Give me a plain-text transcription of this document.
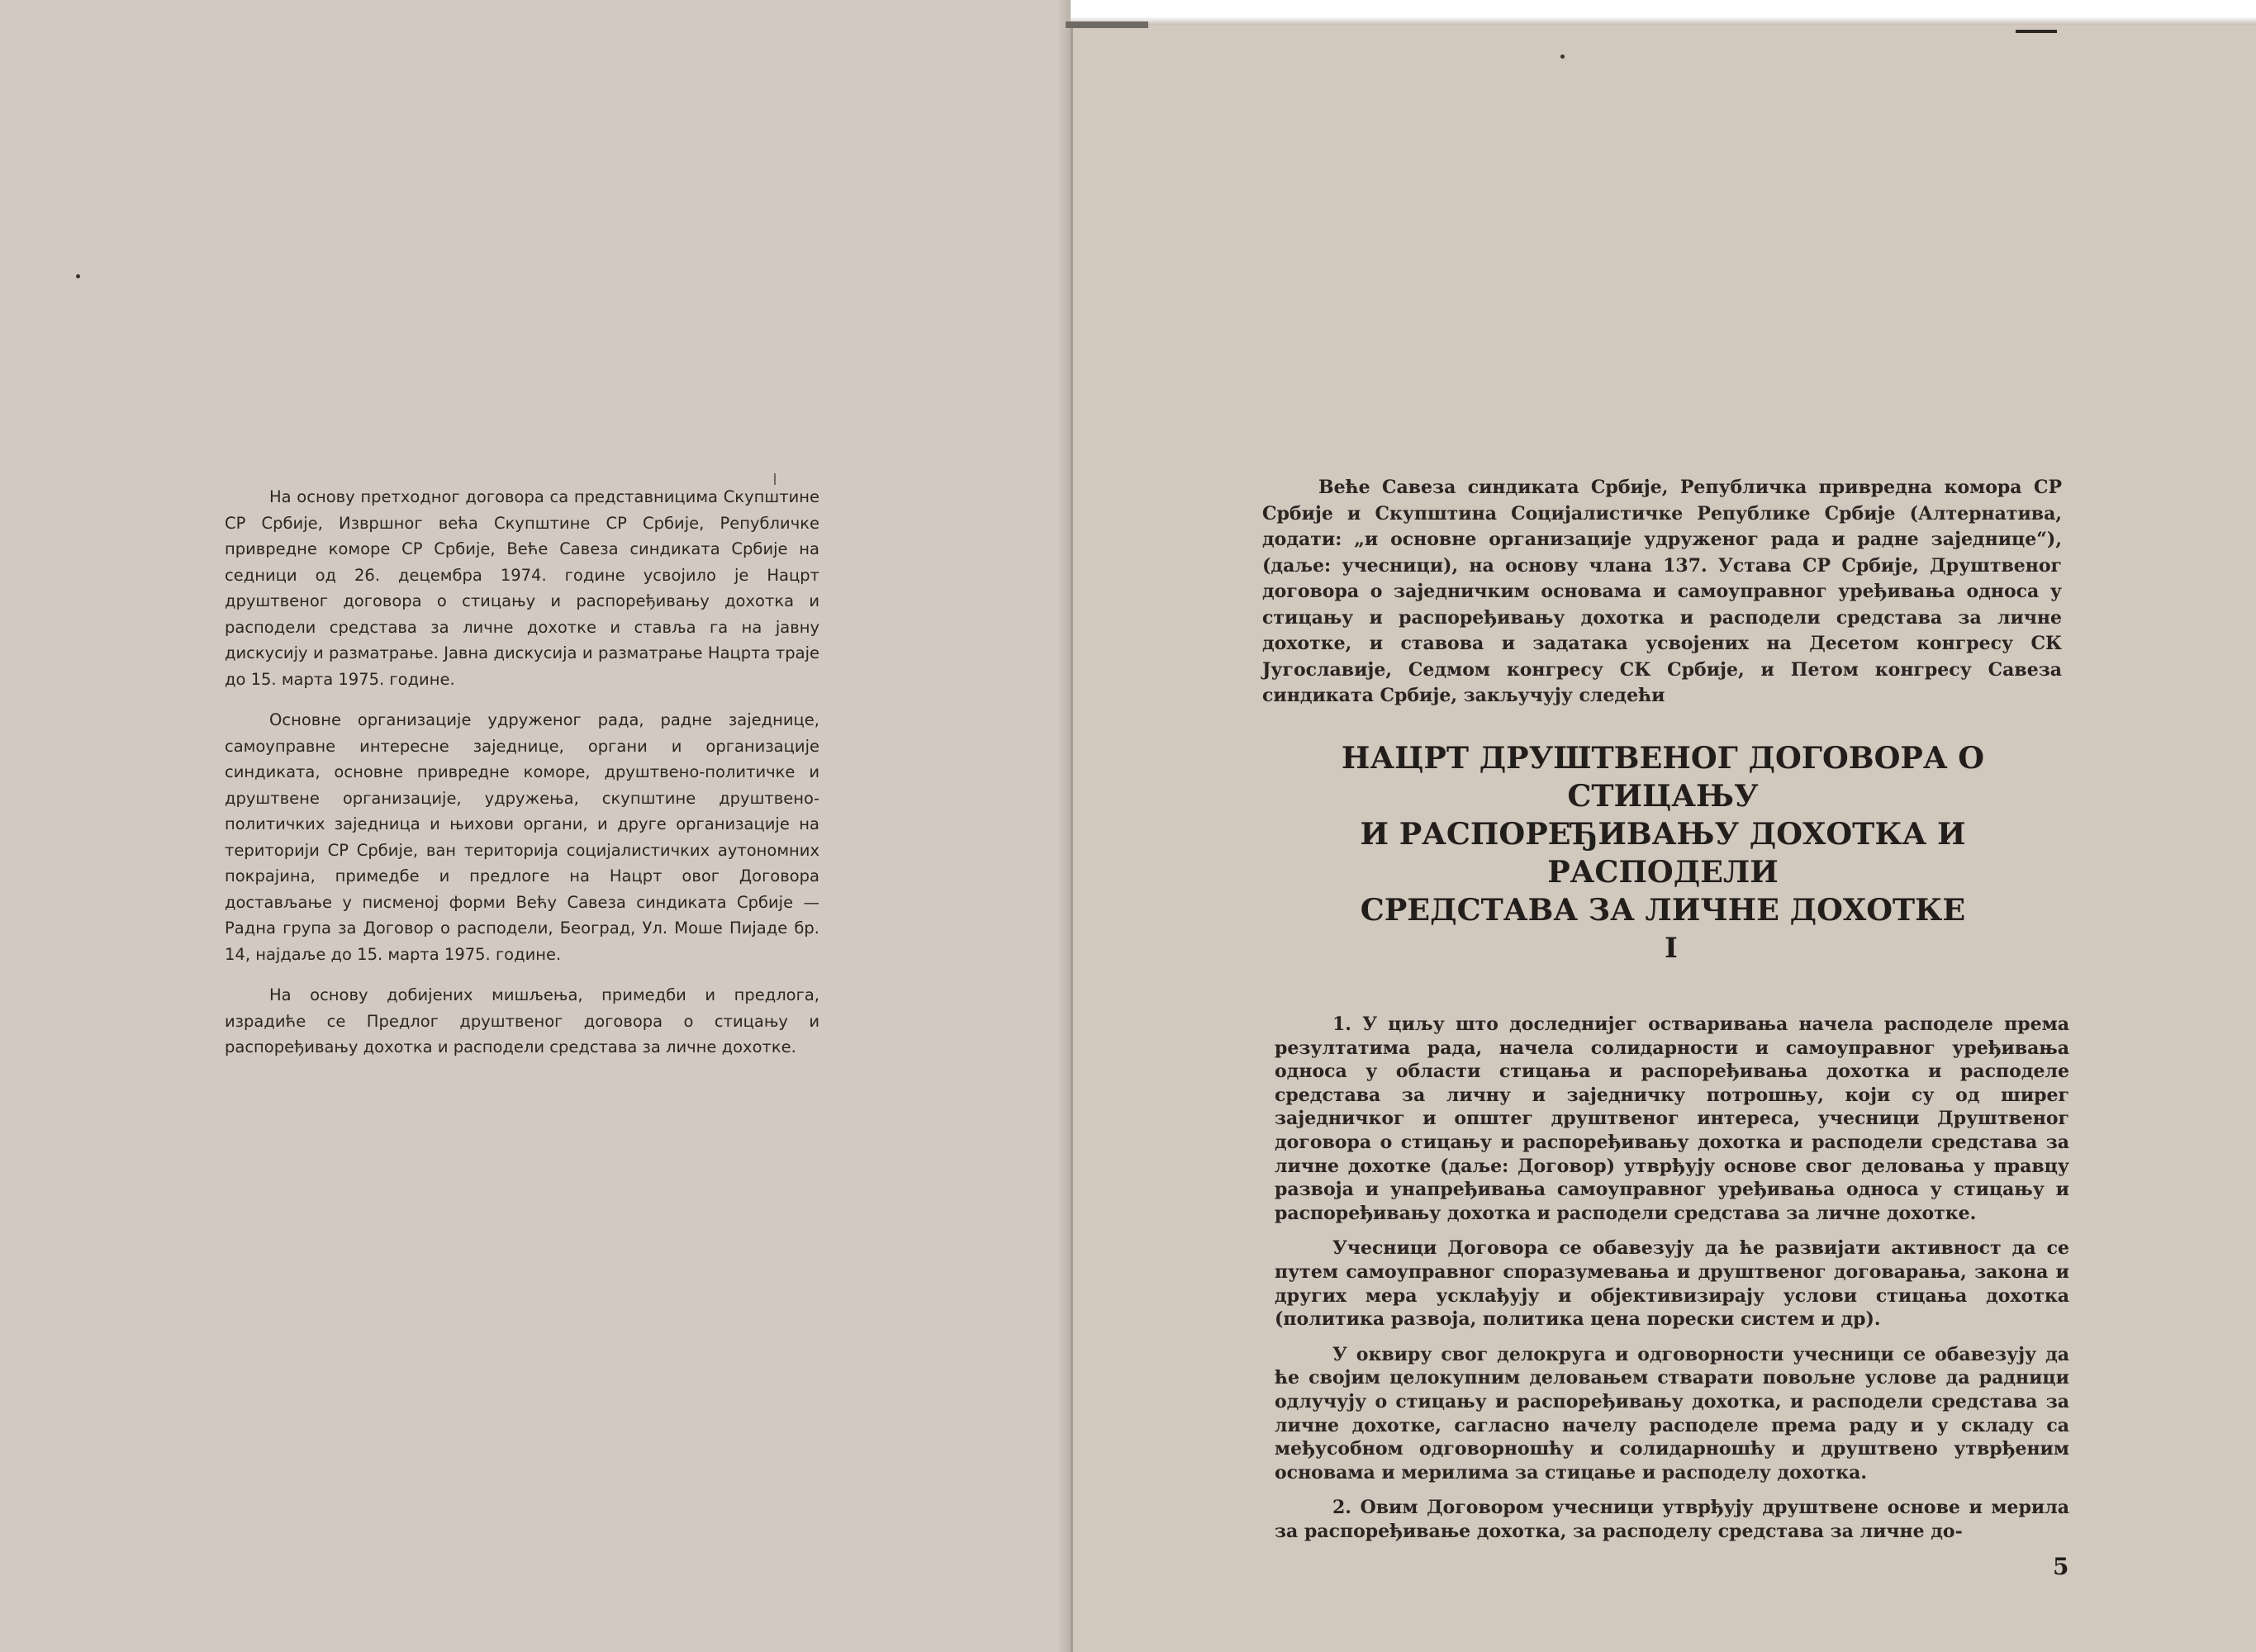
На основу претходног договора са представницима Скупштине СР Србије, Извршног већа Скупштине СР Србије, Републичке привредне коморе СР Србије, Веће Савеза синдиката Србије на седници од 26. децембра 1974. године усвојило је Нацрт друштвеног договора о стицању и распоређивању дохотка и расподели средстава за личне дохотке и ставља га на јавну дискусију и разматрање. Јавна дискусија и разматрање Нацрта траје до 15. марта 1975. године.

Основне организације удруженог рада, радне заједнице, самоуправне интересне заједнице, органи и организације синдиката, основне привредне коморе, друштвено-политичке и друштвене организације, удружења, скупштине друштвено-политичких заједница и њихови органи, и друге организације на територији СР Србије, ван територија социјалистичких аутономних покрајина, примедбе и предлоге на Нацрт овог Договора достављање у писменој форми Већу Савеза синдиката Србије — Радна група за Договор о расподели, Београд, Ул. Моше Пијаде бр. 14, најдаље до 15. марта 1975. године.

На основу добијених мишљења, примедби и предлога, израдиће се Предлог друштвеног договора о стицању и распоређивању дохотка и расподели средстава за личне дохотке.

Веће Савеза синдиката Србије, Републичка привредна комора СР Србије и Скупштина Социјалистичке Републике Србије (Алтернатива, додати: „и основне организације удруженог рада и радне заједнице“), (даље: учесници), на основу члана 137. Устава СР Србије, Друштвеног договора о заједничким основама и самоуправног уређивања односа у стицању и распоређивању дохотка и расподели средстава за личне дохотке, и ставова и задатака усвојених на Десетом конгресу СК Југославије, Седмом конгресу СК Србије, и Петом конгресу Савеза синдиката Србије, закључују следећи

НАЦРТ ДРУШТВЕНОГ ДОГОВОРА О СТИЦАЊУ
И РАСПОРЕЂИВАЊУ ДОХОТКА И РАСПОДЕЛИ
СРЕДСТАВА ЗА ЛИЧНЕ ДОХОТКЕ
I

1. У циљу што доследнијег остваривања начела расподеле према резултатима рада, начела солидарности и самоуправног уређивања односа у области стицања и распоређивања дохотка и расподеле средстава за личну и заједничку потрошњу, који су од ширег заједничког и општег друштвеног интереса, учесници Друштвеног договора о стицању и распоређивању дохотка и расподели средстава за личне дохотке (даље: Договор) утврђују основе свог деловања у правцу развоја и унапређивања самоуправног уређивања односа у стицању и распоређивању дохотка и расподели средстава за личне дохотке.

Учесници Договора се обавезују да ће развијати активност да се путем самоуправног споразумевања и друштвеног договарања, закона и других мера усклађују и објективизирају услови стицања дохотка (политика развоја, политика цена порески систем и др).

У оквиру свог делокруга и одговорности учесници се обавезују да ће својим целокупним деловањем стварати повољне услове да радници одлучују о стицању и распоређивању дохотка, и расподели средстава за личне дохотке, сагласно начелу расподеле према раду и у складу са међусобном одговорношћу и солидарношћу и друштвено утврђеним основама и мерилима за стицање и расподелу дохотка.

2. Овим Договором учесници утврђују друштвене основе и мерила за распоређивање дохотка, за расподелу средстава за личне до-

5
